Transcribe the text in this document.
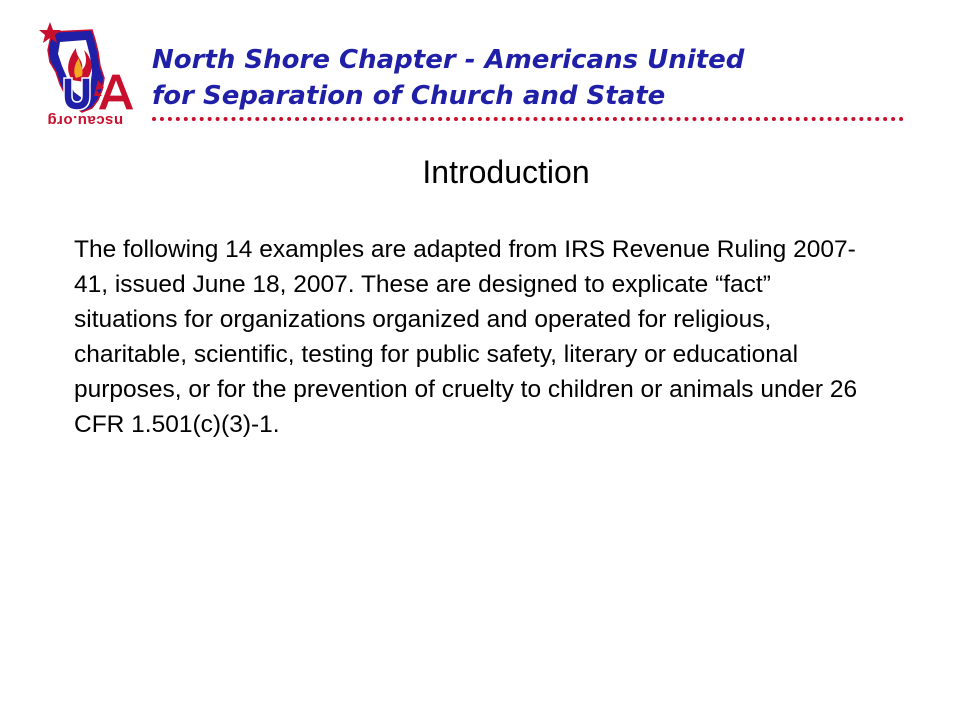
nscau.org
North Shore Chapter - Americans United
for Separation of Church and State
Introduction

The following 14 examples are adapted from IRS Revenue Ruling 2007-41, issued June 18, 2007. These are designed to explicate “fact” situations for organizations organized and operated for religious, charitable, scientific, testing for public safety, literary or educational purposes, or for the prevention of cruelty to children or animals under 26 CFR 1.501(c)(3)-1.
